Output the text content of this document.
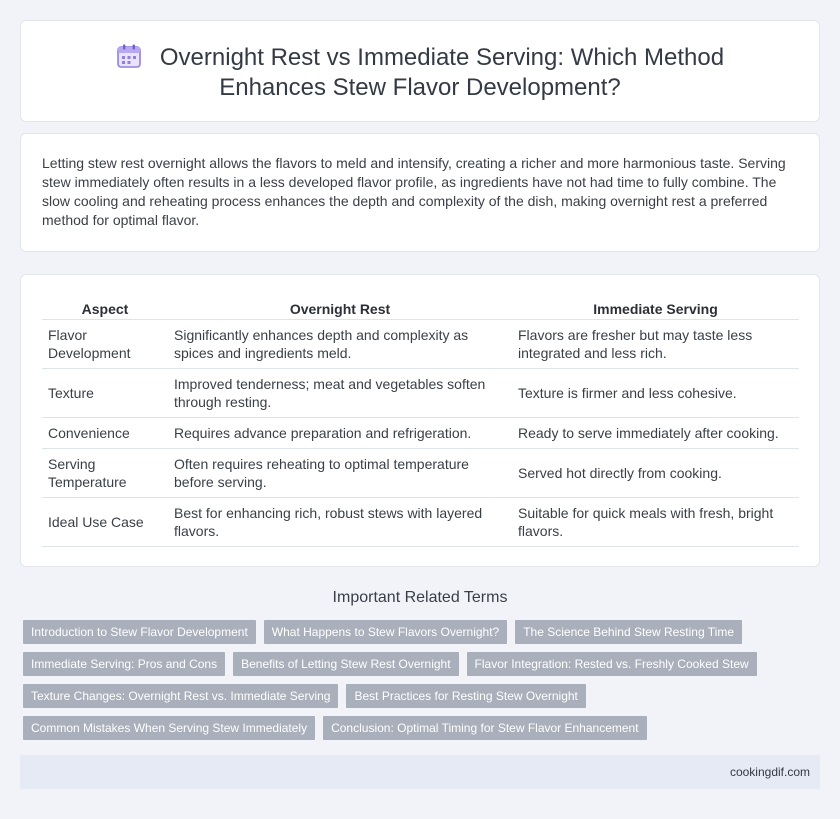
Overnight Rest vs Immediate Serving: Which Method Enhances Stew Flavor Development?

Letting stew rest overnight allows the flavors to meld and intensify, creating a richer and more harmonious taste. Serving stew immediately often results in a less developed flavor profile, as ingredients have not had time to fully combine. The slow cooling and reheating process enhances the depth and complexity of the dish, making overnight rest a preferred method for optimal flavor.

Aspect	Overnight Rest	Immediate Serving
Flavor Development	Significantly enhances depth and complexity as spices and ingredients meld.	Flavors are fresher but may taste less integrated and less rich.
Texture	Improved tenderness; meat and vegetables soften through resting.	Texture is firmer and less cohesive.
Convenience	Requires advance preparation and refrigeration.	Ready to serve immediately after cooking.
Serving Temperature	Often requires reheating to optimal temperature before serving.	Served hot directly from cooking.
Ideal Use Case	Best for enhancing rich, robust stews with layered flavors.	Suitable for quick meals with fresh, bright flavors.
Important Related Terms
Introduction to Stew Flavor Development	What Happens to Stew Flavors Overnight?	The Science Behind Stew Resting Time
Immediate Serving: Pros and Cons	Benefits of Letting Stew Rest Overnight	Flavor Integration: Rested vs. Freshly Cooked Stew
Texture Changes: Overnight Rest vs. Immediate Serving	Best Practices for Resting Stew Overnight
Common Mistakes When Serving Stew Immediately	Conclusion: Optimal Timing for Stew Flavor Enhancement
cookingdif.com
